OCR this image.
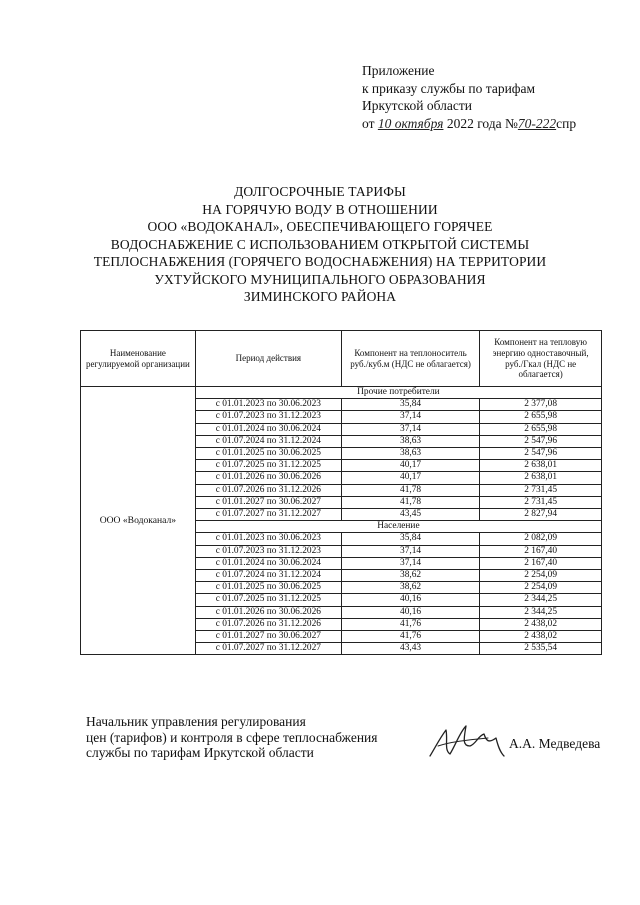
Приложение
к приказу службы по тарифам
Иркутской области
от 10 октября 2022 года №70-222спр
ДОЛГОСРОЧНЫЕ ТАРИФЫ
НА ГОРЯЧУЮ ВОДУ В ОТНОШЕНИИ
ООО «ВОДОКАНАЛ», ОБЕСПЕЧИВАЮЩЕГО ГОРЯЧЕЕ
ВОДОСНАБЖЕНИЕ С ИСПОЛЬЗОВАНИЕМ ОТКРЫТОЙ СИСТЕМЫ
ТЕПЛОСНАБЖЕНИЯ (ГОРЯЧЕГО ВОДОСНАБЖЕНИЯ) НА ТЕРРИТОРИИ
УХТУЙСКОГО МУНИЦИПАЛЬНОГО ОБРАЗОВАНИЯ
ЗИМИНСКОГО РАЙОНА
Наименование регулируемой организации	Период действия	Компонент на теплоноситель руб./куб.м (НДС не облагается)	Компонент на тепловую энергию одноставочный, руб./Гкал (НДС не облагается)
ООО «Водоканал»	Прочие потребители		
	с 01.01.2023 по 30.06.2023	35,84	2 377,08
	с 01.07.2023 по 31.12.2023	37,14	2 655,98
	с 01.01.2024 по 30.06.2024	37,14	2 655,98
	с 01.07.2024 по 31.12.2024	38,63	2 547,96
	с 01.01.2025 по 30.06.2025	38,63	2 547,96
	с 01.07.2025 по 31.12.2025	40,17	2 638,01
	с 01.01.2026 по 30.06.2026	40,17	2 638,01
	с 01.07.2026 по 31.12.2026	41,78	2 731,45
	с 01.01.2027 по 30.06.2027	41,78	2 731,45
	с 01.07.2027 по 31.12.2027	43,45	2 827,94
	Население		
	с 01.01.2023 по 30.06.2023	35,84	2 082,09
	с 01.07.2023 по 31.12.2023	37,14	2 167,40
	с 01.01.2024 по 30.06.2024	37,14	2 167,40
	с 01.07.2024 по 31.12.2024	38,62	2 254,09
	с 01.01.2025 по 30.06.2025	38,62	2 254,09
	с 01.07.2025 по 31.12.2025	40,16	2 344,25
	с 01.01.2026 по 30.06.2026	40,16	2 344,25
	с 01.07.2026 по 31.12.2026	41,76	2 438,02
	с 01.01.2027 по 30.06.2027	41,76	2 438,02
	с 01.07.2027 по 31.12.2027	43,43	2 535,54
Начальник управления регулирования
цен (тарифов) и контроля в сфере теплоснабжения
службы по тарифам Иркутской области
А.А. Медведева
